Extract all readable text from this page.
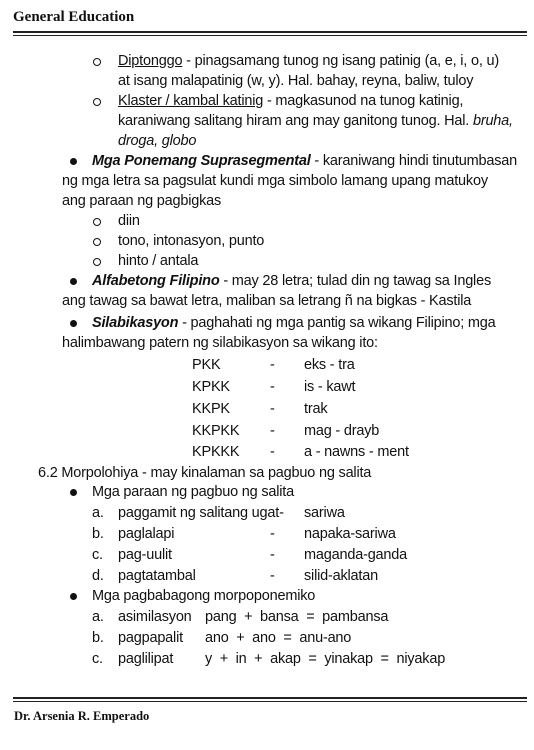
General Education
Diptonggo - pinagsamang tunog ng isang patinig (a, e, i, o, u)
at isang malapatinig (w, y). Hal. bahay, reyna, baliw, tuloy
Klaster / kambal katinig - magkasunod na tunog katinig,
karaniwang salitang hiram ang may ganitong tunog. Hal. bruha,
droga, globo
Mga Ponemang Suprasegmental - karaniwang hindi tinutumbasan
ng mga letra sa pagsulat kundi mga simbolo lamang upang matukoy
ang paraan ng pagbigkas
diin
tono, intonasyon, punto
hinto / antala
Alfabetong Filipino - may 28 letra; tulad din ng tawag sa Ingles
ang tawag sa bawat letra, maliban sa letrang ñ na bigkas - Kastila
Silabikasyon - paghahati ng mga pantig sa wikang Filipino; mga
halimbawang patern ng silabikasyon sa wikang ito:
PKK	- eks - tra
KPKK	- is - kawt
KKPK	- trak
KKPKK - mag - drayb
KPKKK - a - nawns - ment
6.2 Morpolohiya - may kinalaman sa pagbuo ng salita
Mga paraan ng pagbuo ng salita
a. paggamit ng salitang ugat- sariwa
b. paglalapi	- napaka-sariwa
c. pag-uulit	- maganda-ganda
d. pagtatambal	- silid-aklatan
Mga pagbabagong morpoponemiko
a. asimilasyon pang  +  bansa  =  pambansa
b. pagpapalit ano  +  ano  =  anu-ano
c. paglilipat y  +  in  +  akap  =  yinakap  =  niyakap
Dr. Arsenia R. Emperado
